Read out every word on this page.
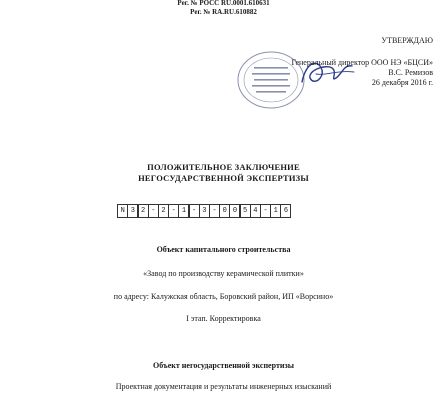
Рег. № РОСС RU.0001.610631
Рег. № RA.RU.610882
УТВЕРЖДАЮ
Генеральный директор ООО НЭ «БЦСИ»
В.С. Ремизов
26 декабря 2016 г.
ПОЛОЖИТЕЛЬНОЕ ЗАКЛЮЧЕНИЕ
НЕГОСУДАРСТВЕННОЙ ЭКСПЕРТИЗЫ
N 3 2 - 2 - 1 - 3 - 0 0 5 4 - 1 6
Объект капитального строительства
«Завод по производству керамической плитки»
по адресу: Калужская область, Боровский район, ИП «Ворсино»
I этап. Корректировка
Объект негосударственной экспертизы
Проектная документация и результаты инженерных изысканий
